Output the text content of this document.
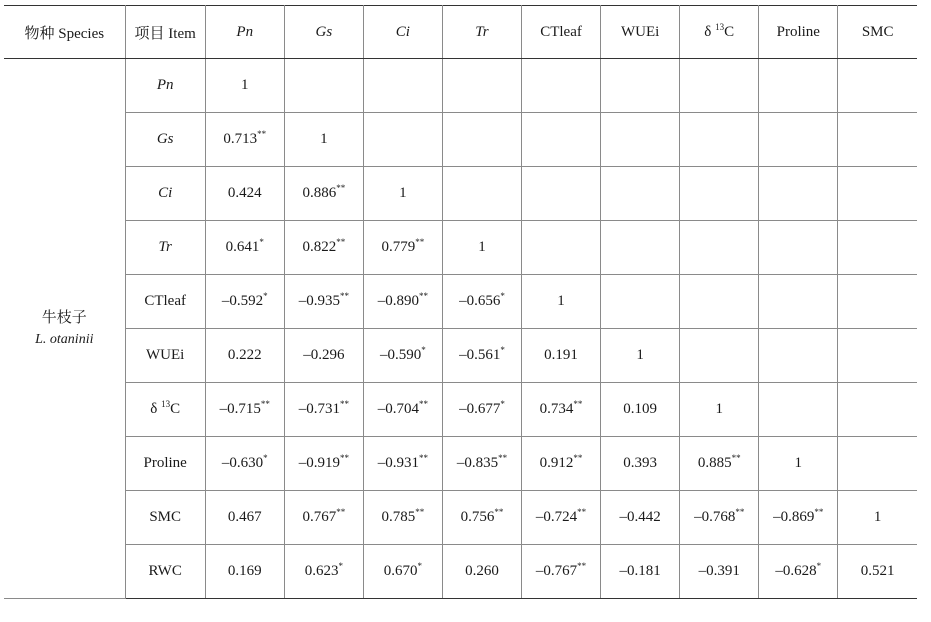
物种 Species	项目 Item	Pn	Gs	Ci	Tr	CTleaf	WUEi	δ $^{13}$C	Proline	SMC

牛枝子
L. otaninii	Pn	1								
	Gs	0.713**	1							
	Ci	0.424	0.886**	1						
	Tr	0.641*	0.822**	0.779**	1					
	CTleaf	–0.592*	–0.935**	–0.890**	–0.656*	1				
	WUEi	0.222	–0.296	–0.590*	–0.561*	0.191	1			
	δ $^{13}$C	–0.715**	–0.731**	–0.704**	–0.677*	0.734**	0.109	1		
	Proline	–0.630*	–0.919**	–0.931**	–0.835**	0.912**	0.393	0.885**	1	
	SMC	0.467	0.767**	0.785**	0.756**	–0.724**	–0.442	–0.768**	–0.869**	1
	RWC	0.169	0.623*	0.670*	0.260	–0.767**	–0.181	–0.391	–0.628*	0.521
